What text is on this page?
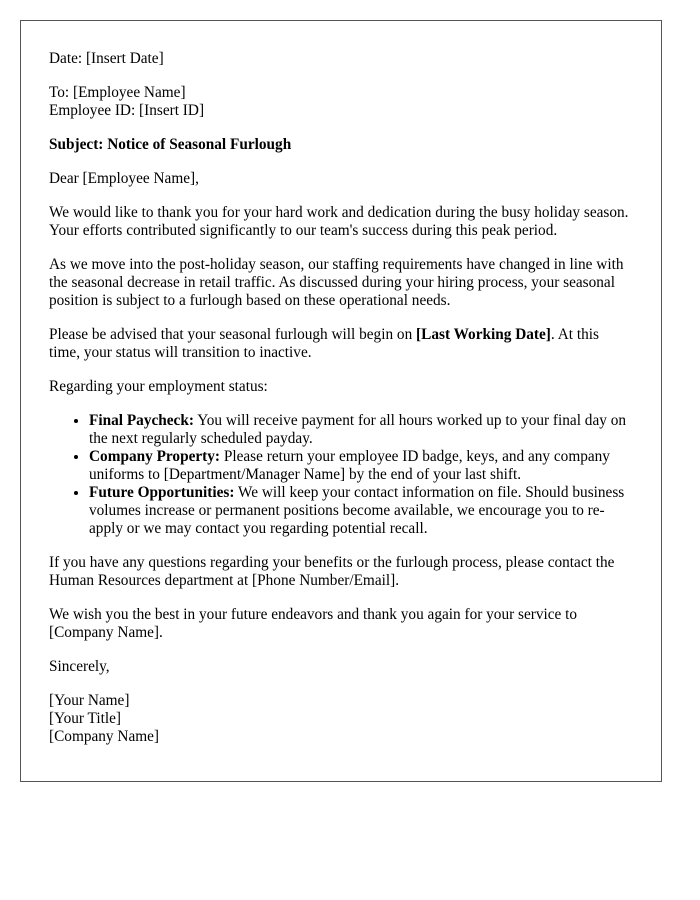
Date: [Insert Date]

To: [Employee Name]
Employee ID: [Insert ID]

Subject: Notice of Seasonal Furlough

Dear [Employee Name],

We would like to thank you for your hard work and dedication during the busy holiday season. Your efforts contributed significantly to our team's success during this peak period.

As we move into the post-holiday season, our staffing requirements have changed in line with the seasonal decrease in retail traffic. As discussed during your hiring process, your seasonal position is subject to a furlough based on these operational needs.

Please be advised that your seasonal furlough will begin on [Last Working Date]. At this time, your status will transition to inactive.

Regarding your employment status:

• Final Paycheck: You will receive payment for all hours worked up to your final day on the next regularly scheduled payday.
• Company Property: Please return your employee ID badge, keys, and any company uniforms to [Department/Manager Name] by the end of your last shift.
• Future Opportunities: We will keep your contact information on file. Should business volumes increase or permanent positions become available, we encourage you to re-apply or we may contact you regarding potential recall.

If you have any questions regarding your benefits or the furlough process, please contact the Human Resources department at [Phone Number/Email].

We wish you the best in your future endeavors and thank you again for your service to [Company Name].

Sincerely,

[Your Name]
[Your Title]
[Company Name]
